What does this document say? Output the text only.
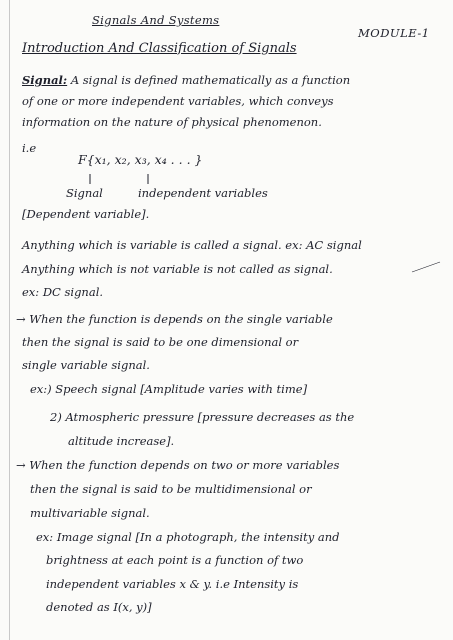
Signals And Systems
MODULE-1
Introduction And Classification of Signals
Signal: A signal is defined mathematically as a function
of one or more independent variables, which conveys
information on the nature of physical phenomenon.
i.e
F{x₁, x₂, x₃, x₄ . . . }
Signal	independent variables
[Dependent variable].
Anything which is variable is called a signal. ex: AC signal
Anything which is not variable is not called as signal.
ex: DC signal.
→ When the function is depends on the single variable
then the signal is said to be one dimensional or
single variable signal.
ex:) Speech signal [Amplitude varies with time]
2) Atmospheric pressure [pressure decreases as the
altitude increase].
→ When the function depends on two or more variables
then the signal is said to be multidimensional or
multivariable signal.
ex: Image signal [In a photograph, the intensity and
brightness at each point is a function of two
independent variables x & y. i.e Intensity is
denoted as I(x, y)]
